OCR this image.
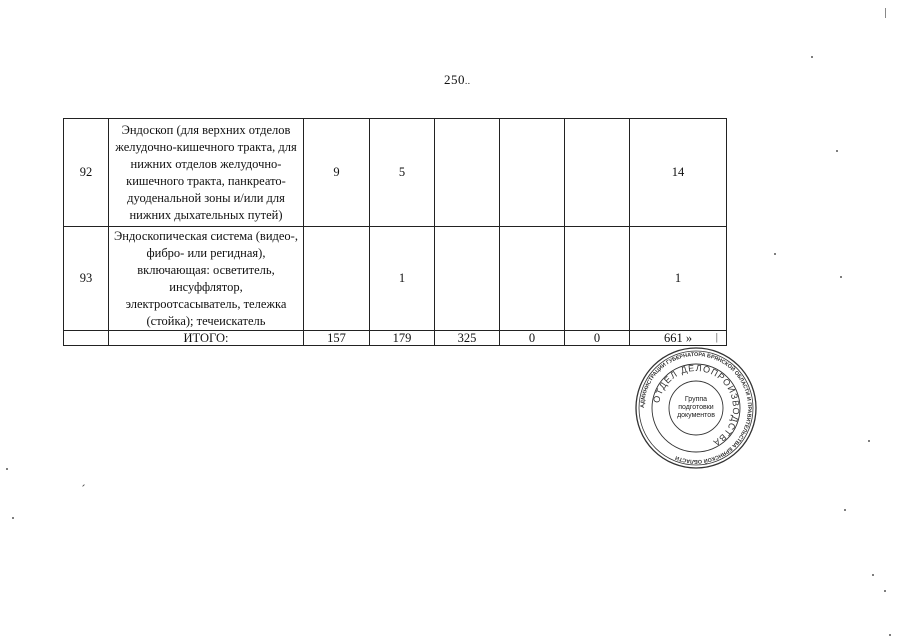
250..
92	Эндоскоп (для верхних отделов желудочно-кишечного тракта, для нижних отделов желудочно-кишечного тракта, панкреато-дуоденальной зоны и/или для нижних дыхательных путей)	9	5				14
93	Эндоскопическая система (видео-, фибро- или регидная), включающая: осветитель, инсуффлятор, электроотсасыватель, тележка (стойка); течеискатель		1				1
	ИТОГО:	157	179	325	0	0	661 » |
АДМИНИСТРАЦИИ ГУБЕРНАТОРА БРЯНСКОЙ ОБЛАСТИ И ПРАВИТЕЛЬСТВА БРЯНСКОЙ ОБЛАСТИ
ОТДЕЛ ДЕЛОПРОИЗВОДСТВА
Группа
подготовки
документов
